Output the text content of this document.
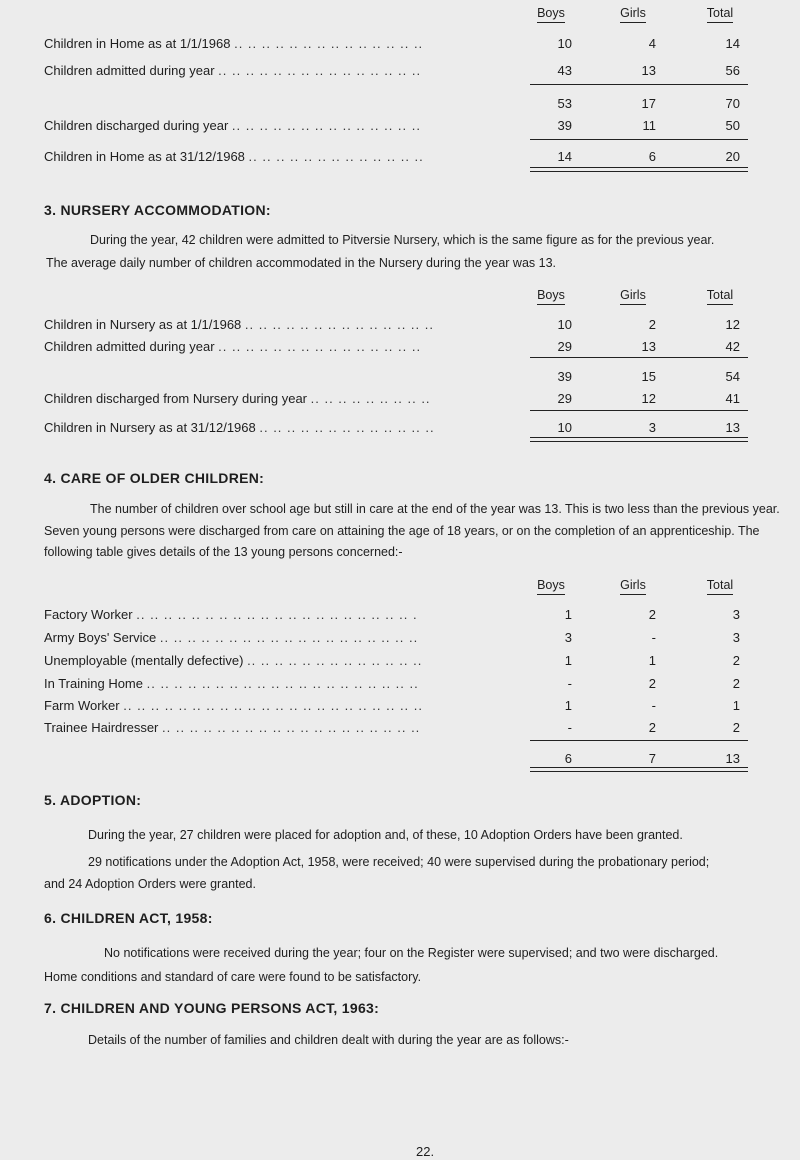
Boys	Girls	Total
Children in Home as at 1/1/1968 .. .. .. .. .. .. .. .. .. .. .. .. .. ..	10	4	14
Children admitted during year .. .. .. .. .. .. .. .. .. .. .. .. .. .. ..	43	13	56
53	17	70
Children discharged during year .. .. .. .. .. .. .. .. .. .. .. .. .. ..	39	11	50
Children in Home as at 31/12/1968 .. .. .. .. .. .. .. .. .. .. .. .. ..	14	6	20
3. NURSERY ACCOMMODATION:
During the year, 42 children were admitted to Pitversie Nursery, which is the same figure as for the previous year.
The average daily number of children accommodated in the Nursery during the year was 13.
Boys	Girls	Total
Children in Nursery as at 1/1/1968 .. .. .. .. .. .. .. .. .. .. .. .. .. ..	10	2	12
Children admitted during year .. .. .. .. .. .. .. .. .. .. .. .. .. .. ..	29	13	42
39	15	54
Children discharged from Nursery during year .. .. .. .. .. .. .. .. ..	29	12	41
Children in Nursery as at 31/12/1968 .. .. .. .. .. .. .. .. .. .. .. .. ..	10	3	13
4. CARE OF OLDER CHILDREN:
The number of children over school age but still in care at the end of the year was 13. This is two less than the previous year. Seven young persons were discharged from care on attaining the age of 18 years, or on the completion of an apprenticeship. The following table gives details of the 13 young persons concerned:-
Boys	Girls	Total
Factory Worker .. .. .. .. .. .. .. .. .. .. .. .. .. .. .. .. .. .. .. .. .	1	2	3
Army Boys' Service .. .. .. .. .. .. .. .. .. .. .. .. .. .. .. .. .. .. ..	3	-	3
Unemployable (mentally defective) .. .. .. .. .. .. .. .. .. .. .. .. ..	1	1	2
In Training Home .. .. .. .. .. .. .. .. .. .. .. .. .. .. .. .. .. .. .. ..	-	2	2
Farm Worker .. .. .. .. .. .. .. .. .. .. .. .. .. .. .. .. .. .. .. .. .. ..	1	-	1
Trainee Hairdresser .. .. .. .. .. .. .. .. .. .. .. .. .. .. .. .. .. .. ..	-	2	2
6	7	13
5. ADOPTION:
During the year, 27 children were placed for adoption and, of these, 10 Adoption Orders have been granted.
29 notifications under the Adoption Act, 1958, were received; 40 were supervised during the probationary period;
and 24 Adoption Orders were granted.
6. CHILDREN ACT, 1958:
No notifications were received during the year; four on the Register were supervised; and two were discharged.
Home conditions and standard of care were found to be satisfactory.
7. CHILDREN AND YOUNG PERSONS ACT, 1963:
Details of the number of families and children dealt with during the year are as follows:-
22.
